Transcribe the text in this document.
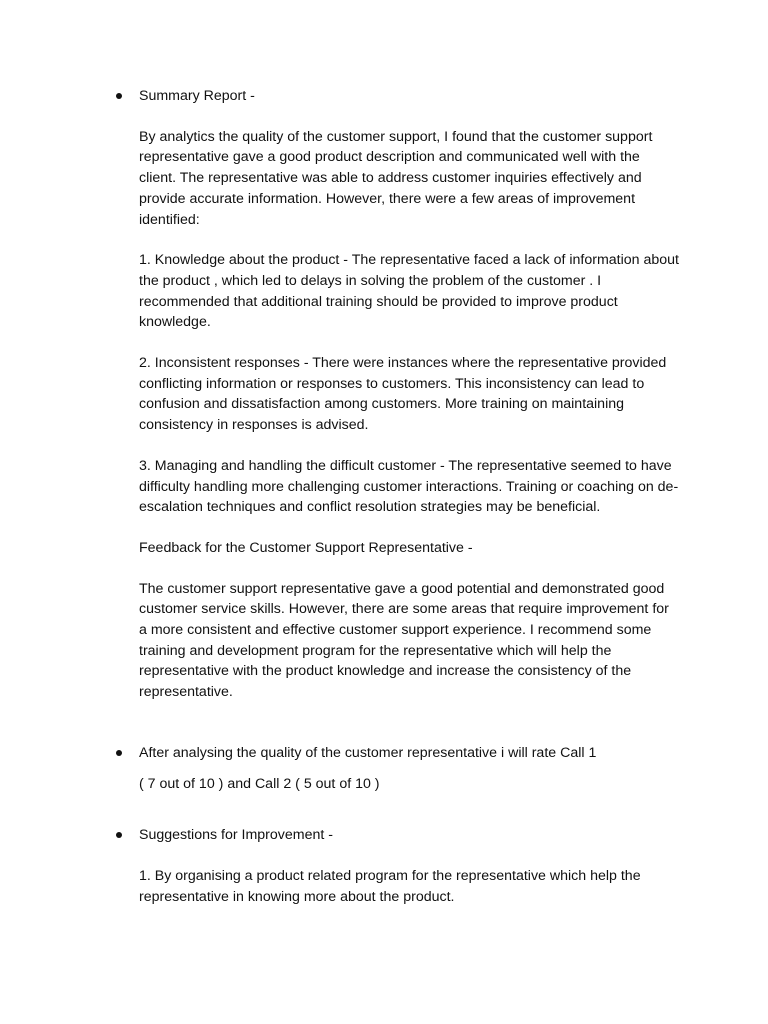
Summary Report -

By analytics the quality of the customer support, I found that the customer support representative gave a good product description and communicated well with the client. The representative was able to address customer inquiries effectively and provide accurate information. However, there were a few areas of improvement identified:

1. Knowledge about the product - The representative faced a lack of information about the product , which led to delays in solving the problem of the customer . I recommended that additional training should be provided to improve product knowledge.

2. Inconsistent responses - There were instances where the representative provided conflicting information or responses to customers. This inconsistency can lead to confusion and dissatisfaction among customers. More training on maintaining consistency in responses is advised.

3. Managing and handling the difficult customer - The representative seemed to have difficulty handling more challenging customer interactions. Training or coaching on de-escalation techniques and conflict resolution strategies may be beneficial.

Feedback for the Customer Support Representative -

The customer support representative gave a good potential and demonstrated good customer service skills. However, there are some areas that require improvement for a more consistent and effective customer support experience. I recommend some training and development program for the representative which will help the representative with the product knowledge and increase the consistency of the representative.

After analysing the quality of the customer representative i will rate Call 1

( 7 out of 10 ) and Call 2 ( 5 out of 10 )

Suggestions for Improvement -

1. By organising a product related program for the representative which help the representative in knowing more about the product.
